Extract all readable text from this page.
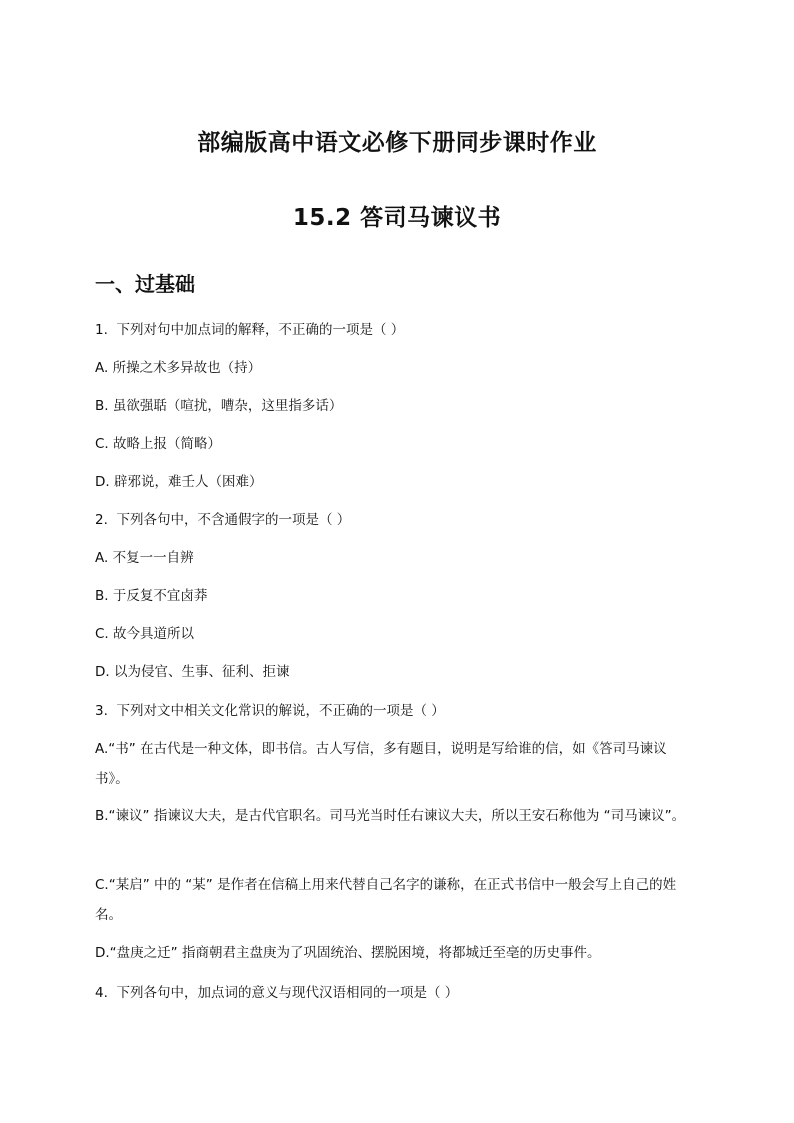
部编版高中语文必修下册同步课时作业
15.2 答司马谏议书
一、过基础
1.  下列对句中加点词的解释，不正确的一项是（ ）
A. 所操之术多异故也（持）
B. 虽欲强聒（喧扰，嘈杂，这里指多话）
C. 故略上报（简略）
D. 辟邪说，难壬人（困难）
2.  下列各句中，不含通假字的一项是（ ）
A. 不复一一自辨
B. 于反复不宜卤莽
C. 故今具道所以
D. 以为侵官、生事、征利、拒谏
3.  下列对文中相关文化常识的解说，不正确的一项是（ ）
A.“书” 在古代是一种文体，即书信。古人写信，多有题目，说明是写给谁的信，如《答司马谏议书》。
B.“谏议” 指谏议大夫，是古代官职名。司马光当时任右谏议大夫，所以王安石称他为 “司马谏议”。
C.“某启” 中的 “某” 是作者在信稿上用来代替自己名字的谦称，在正式书信中一般会写上自己的姓名。
D.“盘庚之迁” 指商朝君主盘庚为了巩固统治、摆脱困境，将都城迁至亳的历史事件。
4.  下列各句中，加点词的意义与现代汉语相同的一项是（ ）
